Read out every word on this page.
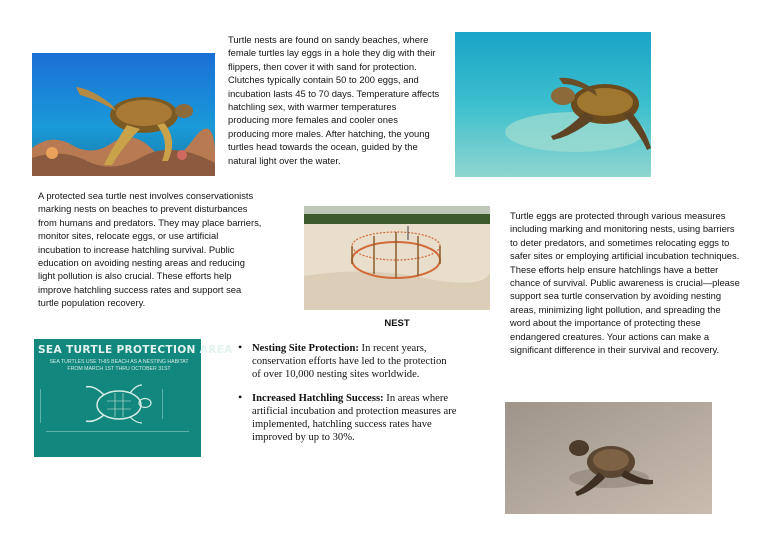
Turtle nests are found on sandy beaches, where female turtles lay eggs in a hole they dig with their flippers, then cover it with sand for protection. Clutches typically contain 50 to 200 eggs, and incubation lasts 45 to 70 days. Temperature affects hatchling sex, with warmer temperatures producing more females and cooler ones producing more males. After hatching, the young turtles head towards the ocean, guided by the natural light over the water.
A protected sea turtle nest involves conservationists marking nests on beaches to prevent disturbances from humans and predators. They may place barriers, monitor sites, relocate eggs, or use artificial incubation to increase hatchling survival. Public education on avoiding nesting areas and reducing light pollution is also crucial. These efforts help improve hatchling success rates and support sea turtle population recovery.
NEST
Turtle eggs are protected through various measures including marking and monitoring nests, using barriers to deter predators, and sometimes relocating eggs to safer sites or employing artificial incubation techniques. These efforts help ensure hatchlings have a better chance of survival. Public awareness is crucial—please support sea turtle conservation by avoiding nesting areas, minimizing light pollution, and spreading the word about the importance of protecting these endangered creatures. Your actions can make a significant difference in their survival and recovery.
SEA TURTLE PROTECTION AREA
SEA TURTLES USE THIS BEACH AS A NESTING HABITAT FROM MARCH 1ST THRU OCTOBER 31ST
• Nesting Site Protection: In recent years, conservation efforts have led to the protection of over 10,000 nesting sites worldwide.
• Increased Hatchling Success: In areas where artificial incubation and protection measures are implemented, hatchling success rates have improved by up to 30%.
